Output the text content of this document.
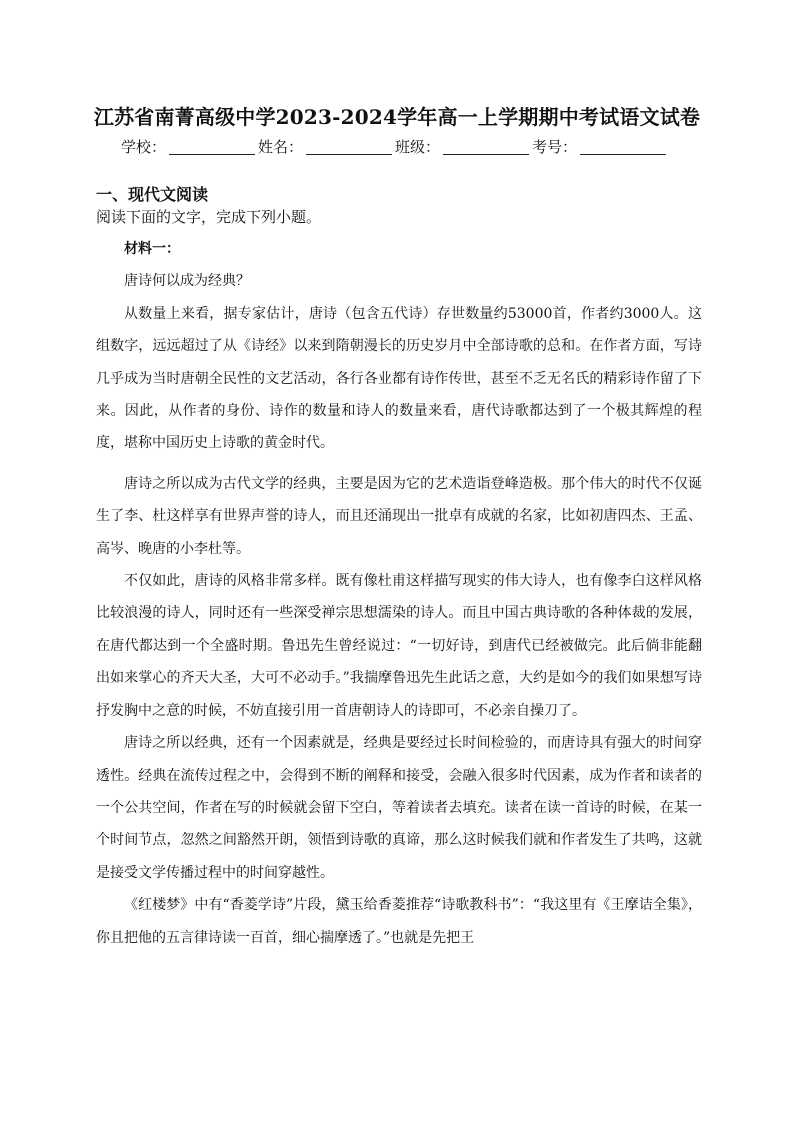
江苏省南菁高级中学2023-2024学年高一上学期期中考试语文试卷
学校：	姓名：	班级：	考号：
一、现代文阅读
阅读下面的文字，完成下列小题。

材料一：

唐诗何以成为经典？

从数量上来看，据专家估计，唐诗（包含五代诗）存世数量约53000首，作者约3000人。这组数字，远远超过了从《诗经》以来到隋朝漫长的历史岁月中全部诗歌的总和。在作者方面，写诗几乎成为当时唐朝全民性的文艺活动，各行各业都有诗作传世，甚至不乏无名氏的精彩诗作留了下来。因此，从作者的身份、诗作的数量和诗人的数量来看，唐代诗歌都达到了一个极其辉煌的程度，堪称中国历史上诗歌的黄金时代。

唐诗之所以成为古代文学的经典，主要是因为它的艺术造诣登峰造极。那个伟大的时代不仅诞生了李、杜这样享有世界声誉的诗人，而且还涌现出一批卓有成就的名家，比如初唐四杰、王孟、高岑、晚唐的小李杜等。

不仅如此，唐诗的风格非常多样。既有像杜甫这样描写现实的伟大诗人，也有像李白这样风格比较浪漫的诗人，同时还有一些深受禅宗思想濡染的诗人。而且中国古典诗歌的各种体裁的发展，在唐代都达到一个全盛时期。鲁迅先生曾经说过：“一切好诗，到唐代已经被做完。此后倘非能翻出如来掌心的齐天大圣，大可不必动手。”我揣摩鲁迅先生此话之意，大约是如今的我们如果想写诗抒发胸中之意的时候，不妨直接引用一首唐朝诗人的诗即可，不必亲自操刀了。

唐诗之所以经典，还有一个因素就是，经典是要经过长时间检验的，而唐诗具有强大的时间穿透性。经典在流传过程之中，会得到不断的阐释和接受，会融入很多时代因素，成为作者和读者的一个公共空间，作者在写的时候就会留下空白，等着读者去填充。读者在读一首诗的时候，在某一个时间节点，忽然之间豁然开朗，领悟到诗歌的真谛，那么这时候我们就和作者发生了共鸣，这就是接受文学传播过程中的时间穿越性。

《红楼梦》中有“香菱学诗”片段，黛玉给香菱推荐“诗歌教科书”：“我这里有《王摩诘全集》，你且把他的五言律诗读一百首，细心揣摩透了。”也就是先把王
